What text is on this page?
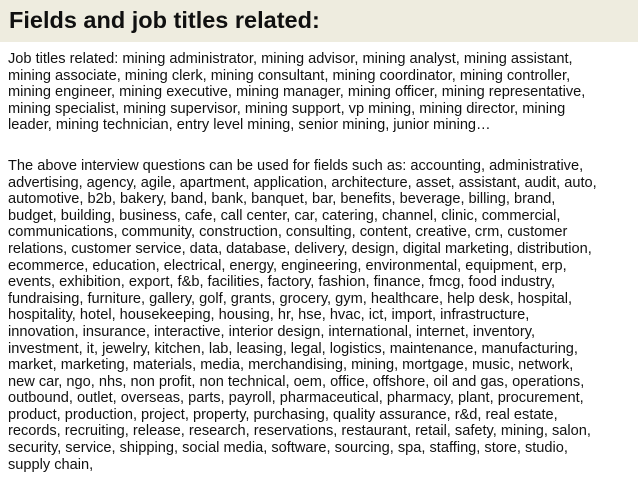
Fields and job titles related:

Job titles related: mining administrator, mining advisor, mining analyst, mining assistant,
mining associate, mining clerk, mining consultant, mining coordinator, mining controller,
mining engineer, mining executive, mining manager, mining officer, mining representative,
mining specialist, mining supervisor, mining support, vp mining, mining director, mining
leader, mining technician, entry level mining, senior mining, junior mining…

The above interview questions can be used for fields such as: accounting, administrative,
advertising, agency, agile, apartment, application, architecture, asset, assistant, audit, auto,
automotive, b2b, bakery, band, bank, banquet, bar, benefits, beverage, billing, brand,
budget, building, business, cafe, call center, car, catering, channel, clinic, commercial,
communications, community, construction, consulting, content, creative, crm, customer
relations, customer service, data, database, delivery, design, digital marketing, distribution,
ecommerce, education, electrical, energy, engineering, environmental, equipment, erp,
events, exhibition, export, f&b, facilities, factory, fashion, finance, fmcg, food industry,
fundraising, furniture, gallery, golf, grants, grocery, gym, healthcare, help desk, hospital,
hospitality, hotel, housekeeping, housing, hr, hse, hvac, ict, import, infrastructure,
innovation, insurance, interactive, interior design, international, internet, inventory,
investment, it, jewelry, kitchen, lab, leasing, legal, logistics, maintenance, manufacturing,
market, marketing, materials, media, merchandising, mining, mortgage, music, network,
new car, ngo, nhs, non profit, non technical, oem, office, offshore, oil and gas, operations,
outbound, outlet, overseas, parts, payroll, pharmaceutical, pharmacy, plant, procurement,
product, production, project, property, purchasing, quality assurance, r&d, real estate,
records, recruiting, release, research, reservations, restaurant, retail, safety, mining, salon,
security, service, shipping, social media, software, sourcing, spa, staffing, store, studio,
supply chain,
